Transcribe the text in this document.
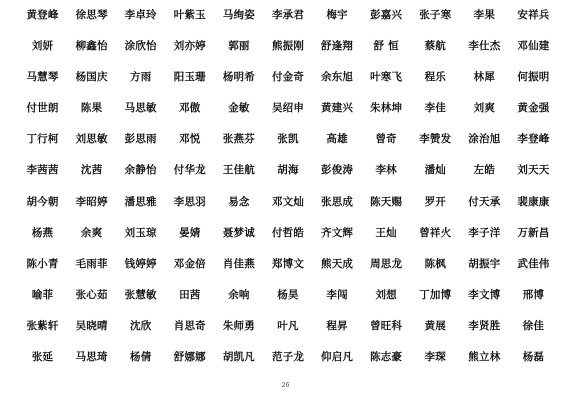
黄登峰	徐思琴	李卓玲	叶紫玉	马绚姿	李承君	梅宇	彭嘉兴	张子寒	李果	安祥兵
刘妍	柳鑫怡	涂欣怡	刘亦婷	郭丽	熊振刚	舒逢翔	舒 恒	蔡航	李仕杰	邓仙建
马慧琴	杨国庆	方雨	阳玉珊	杨明希	付金奇	余东旭	叶寒飞	程乐	林犀	何振明
付世朗	陈果	马思敏	邓傲	金敏	吴绍申	黄建兴	朱林坤	李佳	刘爽	黄金强
丁行柯	刘思敏	彭思雨	邓悦	张燕芬	张凯	高雄	曾奇	李赞发	涂治旭	李登峰
李茜茜	沈茜	余静怡	付华龙	王佳航	胡海	彭俊涛	李林	潘灿	左皓	刘天天
胡今朝	李昭婷	潘思雅	李思羽	易念	邓文灿	张思成	陈天赐	罗开	付天承	裴康康
杨燕	余爽	刘玉琼	晏婧	聂梦诚	付哲皓	齐文辉	王灿	曾祥火	李子洋	万新昌
陈小青	毛雨菲	钱婷婷	邓金倍	肖佳燕	郑博文	熊天成	周思龙	陈枫	胡振宇	武佳伟
喻菲	张心茹	张慧敏	田茜	余响	杨昊	李闯	刘想	丁加博	李文博	邢博
张紫轩	吴晓晴	沈欣	肖思奇	朱师勇	叶凡	程昇	曾旺科	黄展	李贤胜	徐佳
张延	马思琦	杨倩	舒娜娜	胡凯凡	范子龙	仰启凡	陈志豪	李琛	熊立林	杨磊
26
